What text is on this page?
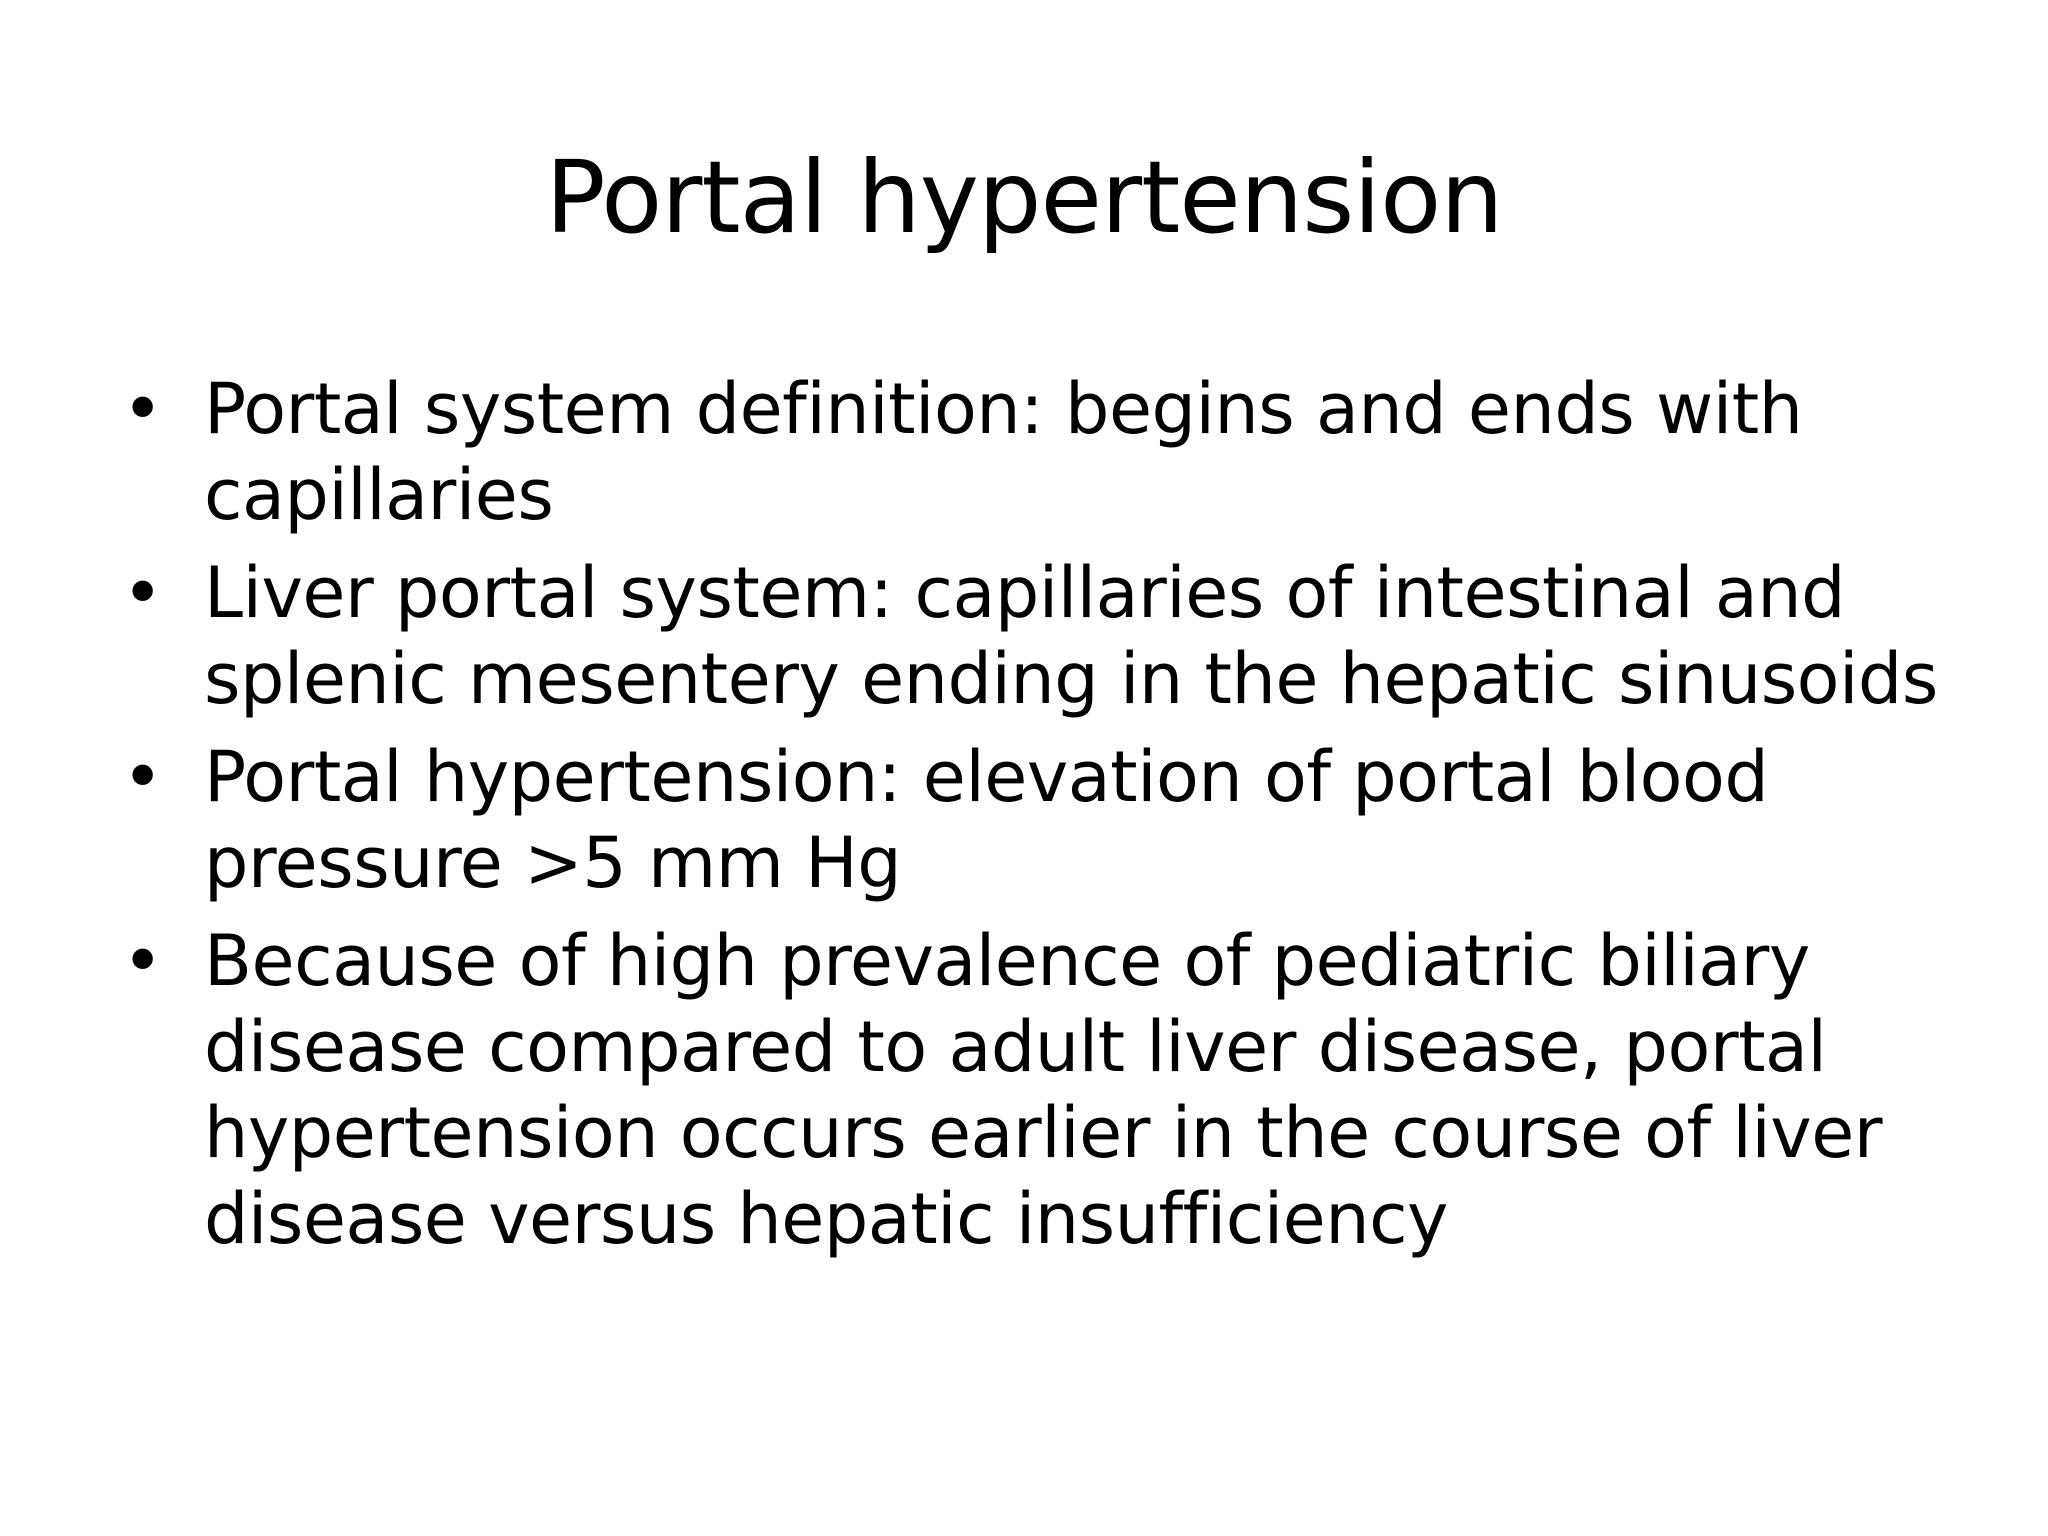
Portal hypertension
• Portal system definition: begins and ends with capillaries
• Liver portal system: capillaries of intestinal and splenic mesentery ending in the hepatic sinusoids
• Portal hypertension: elevation of portal blood pressure >5 mm Hg
• Because of high prevalence of pediatric biliary disease compared to adult liver disease, portal hypertension occurs earlier in the course of liver disease versus hepatic insufficiency
